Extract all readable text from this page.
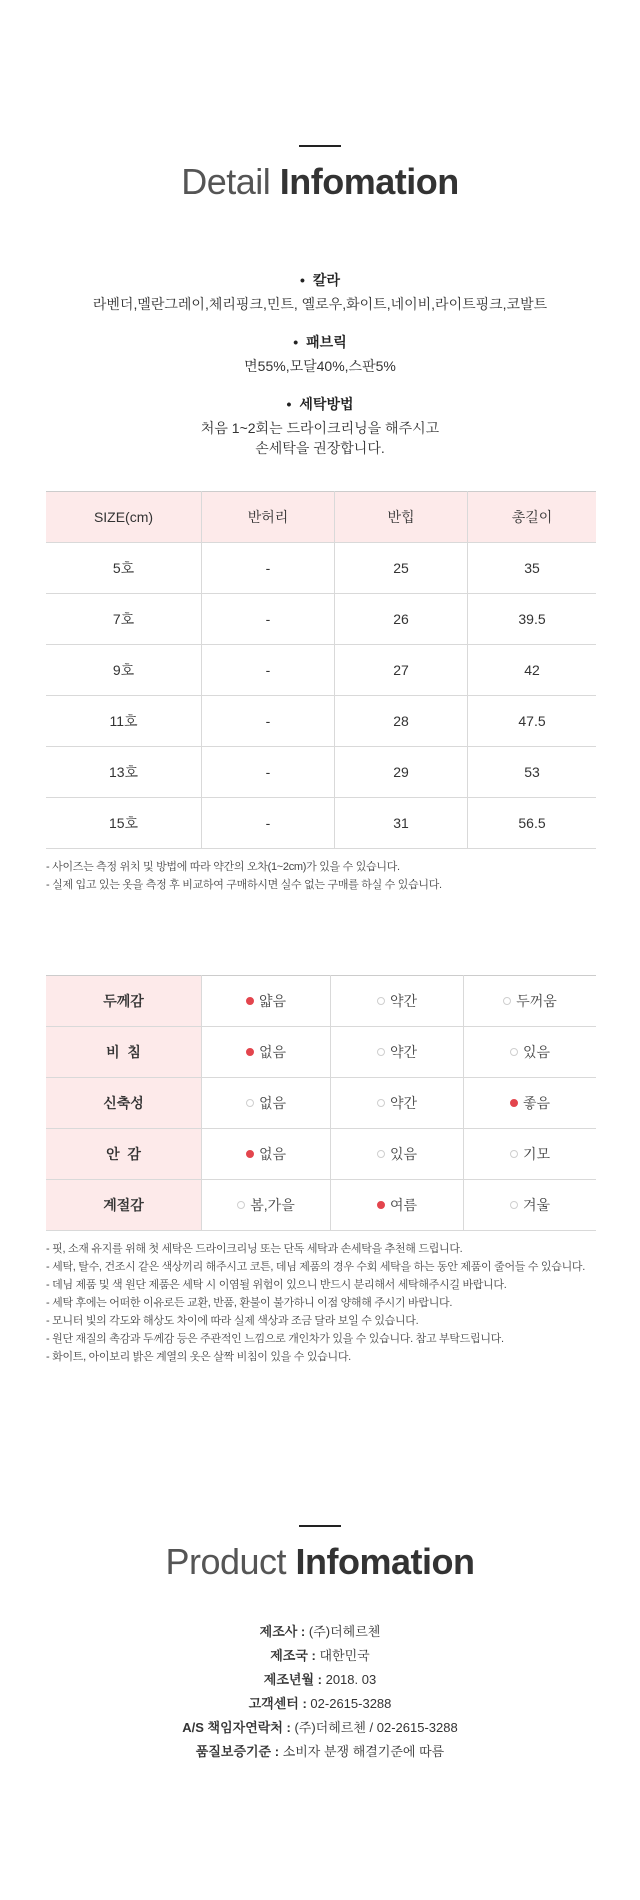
Detail Infomation
• 칼라
라벤더,멜란그레이,체리핑크,민트, 옐로우,화이트,네이비,라이트핑크,코발트
• 패브릭
면55%,모달40%,스판5%
• 세탁방법
처음 1~2회는 드라이크리닝을 해주시고
손세탁을 권장합니다.
SIZE(cm)	반허리	반힙	총길이
5호	-	25	35
7호	-	26	39.5
9호	-	27	42
11호	-	28	47.5
13호	-	29	53
15호	-	31	56.5
- 사이즈는 측정 위치 및 방법에 따라 약간의 오차(1~2cm)가 있을 수 있습니다.
- 실제 입고 있는 옷을 측정 후 비교하여 구매하시면 실수 없는 구매를 하실 수 있습니다.
두께감	얇음	약간	두꺼움
비  침	없음	약간	있음
신축성	없음	약간	좋음
안  감	없음	있음	기모
계절감	봄,가을	여름	겨울
- 핏, 소재 유지를 위해 첫 세탁은 드라이크리닝 또는 단독 세탁과 손세탁을 추천해 드립니다.
- 세탁, 탈수, 건조시 같은 색상끼리 해주시고 코튼, 데님 제품의 경우 수회 세탁을 하는 동안 제품이 줄어들 수 있습니다.
- 데님 제품 및 색 원단 제품은 세탁 시 이염될 위험이 있으니 반드시 분리해서 세탁해주시길 바랍니다.
- 세탁 후에는 어떠한 이유로든 교환, 반품, 환불이 불가하니 이점 양해해 주시기 바랍니다.
- 모니터 빛의 각도와 해상도 차이에 따라 실제 색상과 조금 달라 보일 수 있습니다.
- 원단 재질의 촉감과 두께감 등은 주관적인 느낌으로 개인차가 있을 수 있습니다. 참고 부탁드립니다.
- 화이트, 아이보리 밝은 계열의 옷은 살짝 비침이 있을 수 있습니다.
Product Infomation
제조사 : (주)더헤르첸
제조국 : 대한민국
제조년월 : 2018. 03
고객센터 : 02-2615-3288
A/S 책임자연락처 : (주)더헤르첸 / 02-2615-3288
품질보증기준 : 소비자 분쟁 해결기준에 따름
